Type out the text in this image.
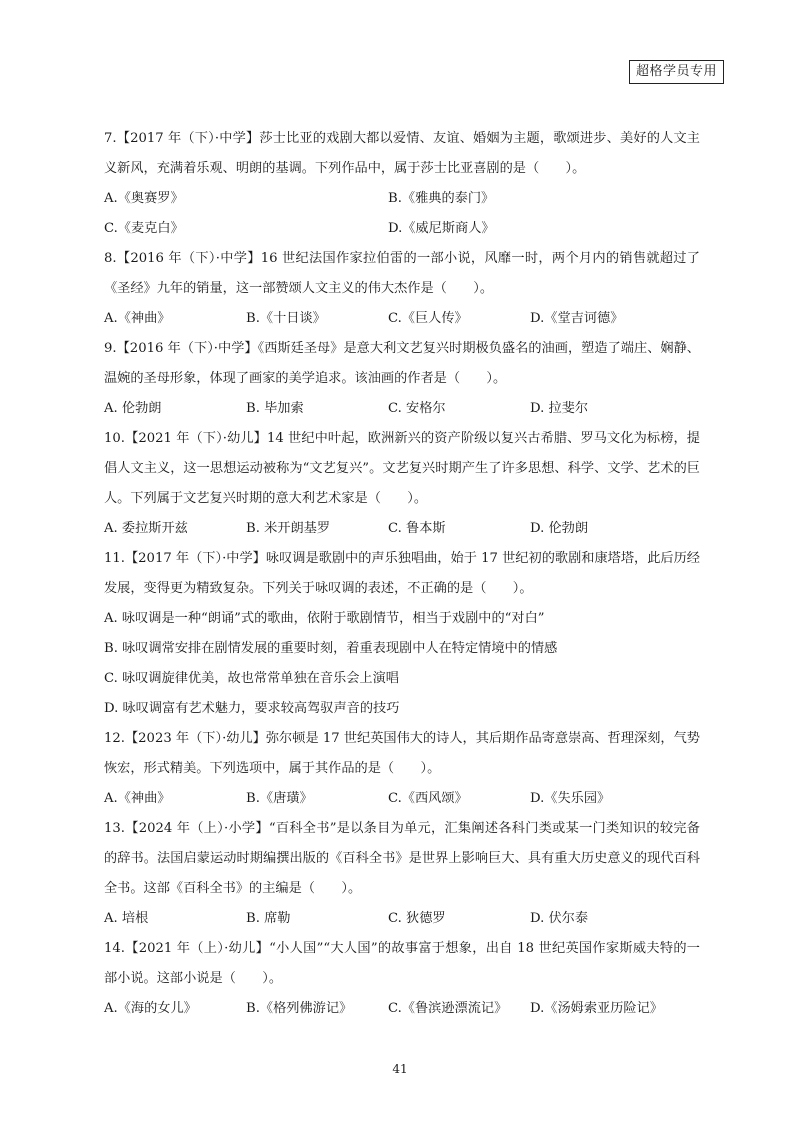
超格学员专用
7.【2017 年（下）·中学】莎士比亚的戏剧大都以爱情、友谊、婚姻为主题，歌颂进步、美好的人文主义新风，充满着乐观、明朗的基调。下列作品中，属于莎士比亚喜剧的是（　　）。
A.《奥赛罗》	B.《雅典的泰门》
C.《麦克白》	D.《威尼斯商人》
8.【2016 年（下）·中学】16 世纪法国作家拉伯雷的一部小说，风靡一时，两个月内的销售就超过了《圣经》九年的销量，这一部赞颂人文主义的伟大杰作是（　　）。
A.《神曲》	B.《十日谈》	C.《巨人传》	D.《堂吉诃德》
9.【2016 年（下）·中学】《西斯廷圣母》是意大利文艺复兴时期极负盛名的油画，塑造了端庄、娴静、温婉的圣母形象，体现了画家的美学追求。该油画的作者是（　　）。
A. 伦勃朗	B. 毕加索	C. 安格尔	D. 拉斐尔
10.【2021 年（下）·幼儿】14 世纪中叶起，欧洲新兴的资产阶级以复兴古希腊、罗马文化为标榜，提倡人文主义，这一思想运动被称为“文艺复兴”。文艺复兴时期产生了许多思想、科学、文学、艺术的巨人。下列属于文艺复兴时期的意大利艺术家是（　　）。
A. 委拉斯开兹	B. 米开朗基罗	C. 鲁本斯	D. 伦勃朗
11.【2017 年（下）·中学】咏叹调是歌剧中的声乐独唱曲，始于 17 世纪初的歌剧和康塔塔，此后历经发展，变得更为精致复杂。下列关于咏叹调的表述，不正确的是（　　）。
A. 咏叹调是一种“朗诵”式的歌曲，依附于歌剧情节，相当于戏剧中的“对白”
B. 咏叹调常安排在剧情发展的重要时刻，着重表现剧中人在特定情境中的情感
C. 咏叹调旋律优美，故也常常单独在音乐会上演唱
D. 咏叹调富有艺术魅力，要求较高驾驭声音的技巧
12.【2023 年（下）·幼儿】弥尔顿是 17 世纪英国伟大的诗人，其后期作品寄意崇高、哲理深刻，气势恢宏，形式精美。下列选项中，属于其作品的是（　　）。
A.《神曲》	B.《唐璜》	C.《西风颂》	D.《失乐园》
13.【2024 年（上）·小学】“百科全书”是以条目为单元，汇集阐述各科门类或某一门类知识的较完备的辞书。法国启蒙运动时期编撰出版的《百科全书》是世界上影响巨大、具有重大历史意义的现代百科全书。这部《百科全书》的主编是（　　）。
A. 培根	B. 席勒	C. 狄德罗	D. 伏尔泰
14.【2021 年（上）·幼儿】“小人国”“大人国”的故事富于想象，出自 18 世纪英国作家斯威夫特的一部小说。这部小说是（　　）。
A.《海的女儿》	B.《格列佛游记》	C.《鲁滨逊漂流记》	D.《汤姆索亚历险记》
41
